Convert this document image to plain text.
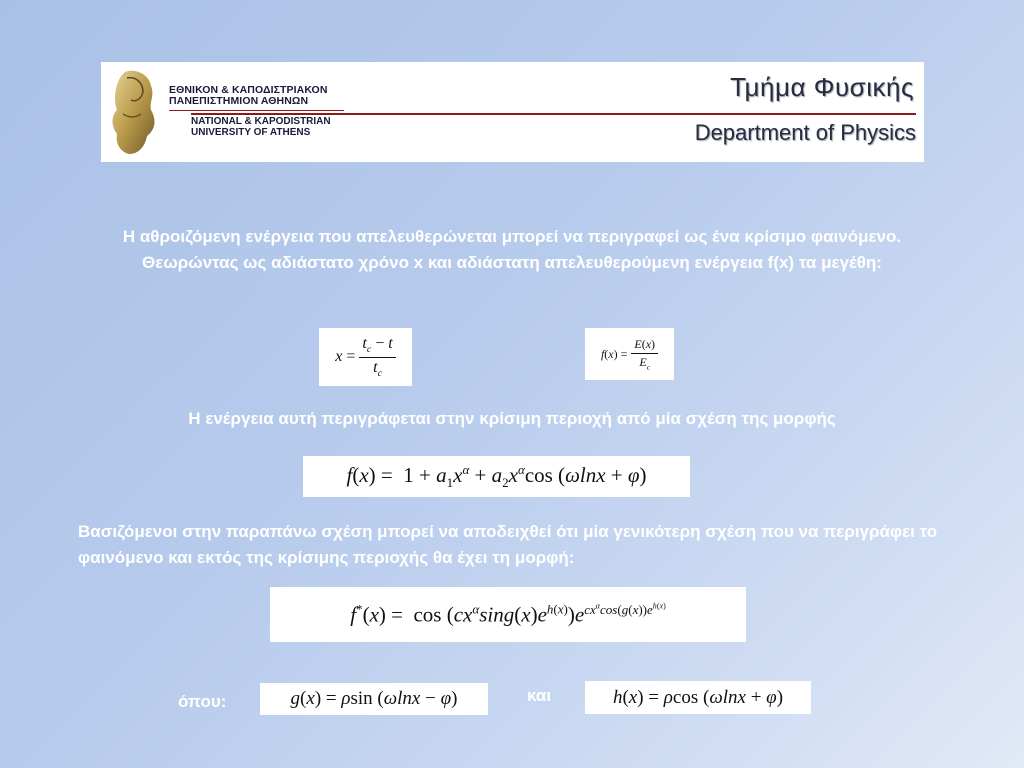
ΕΘΝΙΚΟΝ & ΚΑΠΟΔΙΣΤΡΙΑΚΟΝ
ΠΑΝΕΠΙΣΤΗΜΙΟΝ ΑΘΗΝΩΝ
NATIONAL & KAPODISTRIAN
UNIVERSITY OF ATHENS
Τμήμα Φυσικής
Department of Physics
Η αθροιζόμενη ενέργεια που απελευθερώνεται μπορεί να περιγραφεί ως ένα κρίσιμο φαινόμενο. Θεωρώντας ως αδιάστατο χρόνο x και αδιάστατη απελευθερούμενη ενέργεια f(x) τα μεγέθη:
$x = \frac{t_c - t}{t_c}$	$f(x) = \frac{E(x)}{E_c}$
Η ενέργεια αυτή περιγράφεται στην κρίσιμη περιοχή από μία σχέση της μορφής
$f(x) = 1 + a_1x^\alpha + a_2x^\alpha\cos$ (ωlnx + φ)
Βασιζόμενοι στην παραπάνω σχέση μπορεί να αποδειχθεί ότι μία γενικότερη σχέση που να περιγράφει το φαινόμενο και εκτός της κρίσιμης περιοχής θα έχει τη μορφή:
$f^*(x) = \cos (cx^\alpha\sin g(x)e^{h(x)})e^{cx^\alpha cos(g(x))e^{h(x)}}$
όπου:	g(x) = ρsin (ωlnx − φ)	και	h(x) = ρcos (ωlnx + φ)
